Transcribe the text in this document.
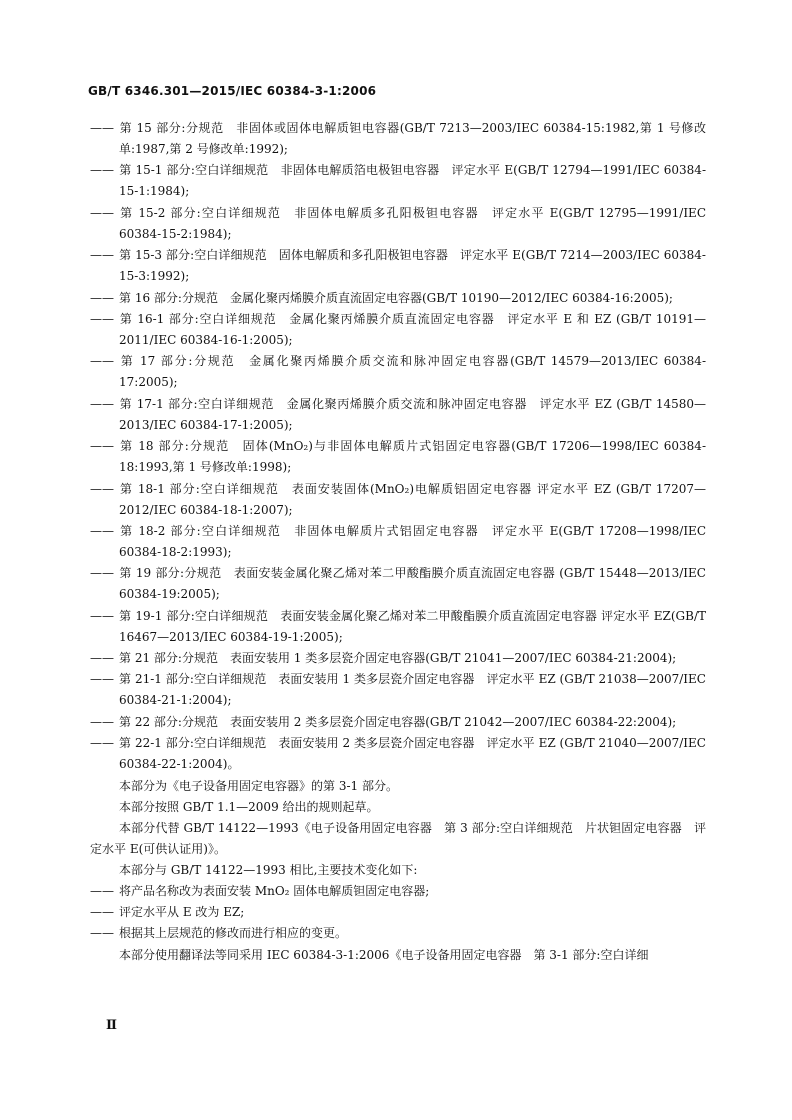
GB/T 6346.301—2015/IEC 60384-3-1:2006

—— 第 15 部分:分规范　非固体或固体电解质钽电容器(GB/T 7213—2003/IEC 60384-15:1982,第 1 号修改单:1987,第 2 号修改单:1992);

—— 第 15-1 部分:空白详细规范　非固体电解质箔电极钽电容器　评定水平 E(GB/T 12794—1991/IEC 60384-15-1:1984);

—— 第 15-2 部分:空白详细规范　非固体电解质多孔阳极钽电容器　评定水平 E(GB/T 12795—1991/IEC 60384-15-2:1984);

—— 第 15-3 部分:空白详细规范　固体电解质和多孔阳极钽电容器　评定水平 E(GB/T 7214—2003/IEC 60384-15-3:1992);

—— 第 16 部分:分规范　金属化聚丙烯膜介质直流固定电容器(GB/T 10190—2012/IEC 60384-16:2005);

—— 第 16-1 部分:空白详细规范　金属化聚丙烯膜介质直流固定电容器　评定水平 E 和 EZ (GB/T 10191—2011/IEC 60384-16-1:2005);

—— 第 17 部分:分规范　金属化聚丙烯膜介质交流和脉冲固定电容器(GB/T 14579—2013/IEC 60384-17:2005);

—— 第 17-1 部分:空白详细规范　金属化聚丙烯膜介质交流和脉冲固定电容器　评定水平 EZ (GB/T 14580—2013/IEC 60384-17-1:2005);

—— 第 18 部分:分规范　固体(MnO₂)与非固体电解质片式铝固定电容器(GB/T 17206—1998/IEC 60384-18:1993,第 1 号修改单:1998);

—— 第 18-1 部分:空白详细规范　表面安装固体(MnO₂)电解质铝固定电容器 评定水平 EZ (GB/T 17207—2012/IEC 60384-18-1:2007);

—— 第 18-2 部分:空白详细规范　非固体电解质片式铝固定电容器　评定水平 E(GB/T 17208—1998/IEC 60384-18-2:1993);

—— 第 19 部分:分规范　表面安装金属化聚乙烯对苯二甲酸酯膜介质直流固定电容器 (GB/T 15448—2013/IEC 60384-19:2005);

—— 第 19-1 部分:空白详细规范　表面安装金属化聚乙烯对苯二甲酸酯膜介质直流固定电容器 评定水平 EZ(GB/T 16467—2013/IEC 60384-19-1:2005);

—— 第 21 部分:分规范　表面安装用 1 类多层瓷介固定电容器(GB/T 21041—2007/IEC 60384-21:2004);

—— 第 21-1 部分:空白详细规范　表面安装用 1 类多层瓷介固定电容器　评定水平 EZ (GB/T 21038—2007/IEC 60384-21-1:2004);

—— 第 22 部分:分规范　表面安装用 2 类多层瓷介固定电容器(GB/T 21042—2007/IEC 60384-22:2004);

—— 第 22-1 部分:空白详细规范　表面安装用 2 类多层瓷介固定电容器　评定水平 EZ (GB/T 21040—2007/IEC 60384-22-1:2004)。

本部分为《电子设备用固定电容器》的第 3-1 部分。

本部分按照 GB/T 1.1—2009 给出的规则起草。

本部分代替 GB/T 14122—1993《电子设备用固定电容器　第 3 部分:空白详细规范　片状钽固定电容器　评定水平 E(可供认证用)》。

本部分与 GB/T 14122—1993 相比,主要技术变化如下:

—— 将产品名称改为表面安装 MnO₂ 固体电解质钽固定电容器;

—— 评定水平从 E 改为 EZ;

—— 根据其上层规范的修改而进行相应的变更。

本部分使用翻译法等同采用 IEC 60384-3-1:2006《电子设备用固定电容器　第 3-1 部分:空白详细

Ⅱ
